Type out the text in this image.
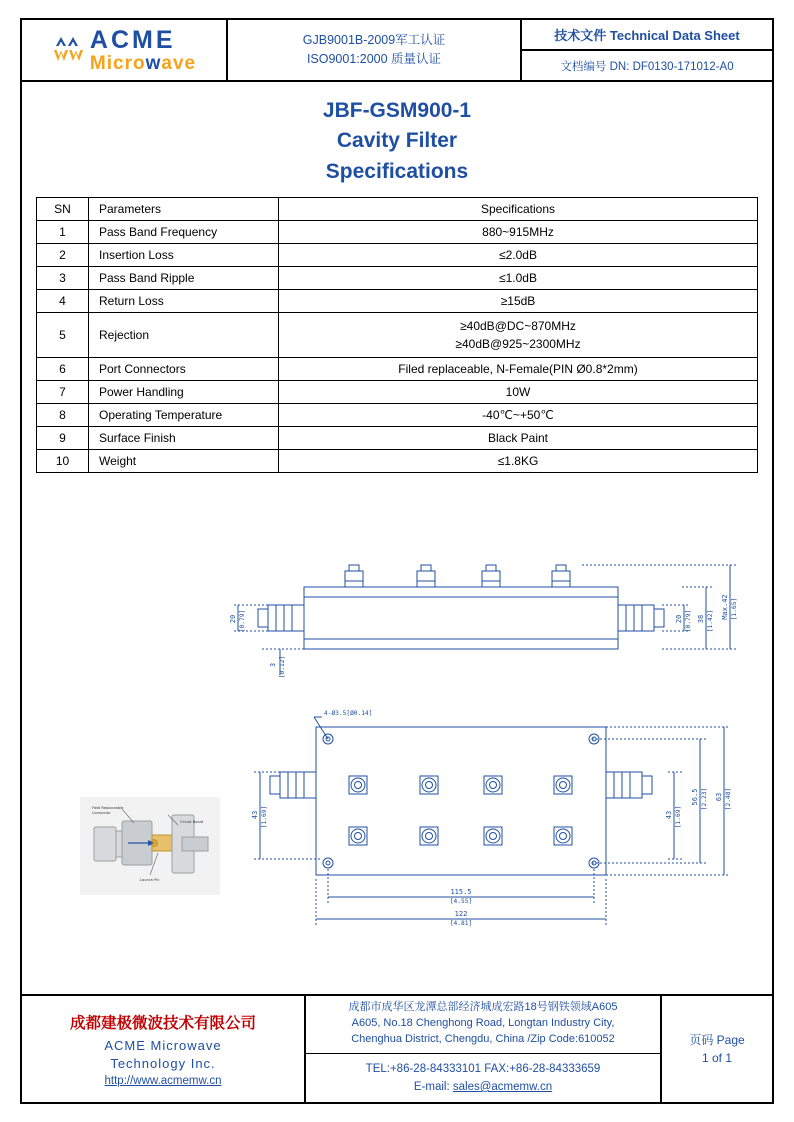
ACME
Microwave
GJB9001B-2009军工认证
ISO9001:2000 质量认证
技术文件 Technical Data Sheet
文档编号 DN: DF0130-171012-A0
JBF-GSM900-1
Cavity Filter
Specifications
SN	Parameters	Specifications
1	Pass Band Frequency	880~915MHz
2	Insertion Loss	≤2.0dB
3	Pass Band Ripple	≤1.0dB
4	Return Loss	≥15dB
5	Rejection	≥40dB@DC~870MHz
≥40dB@925~2300MHz

6	Port Connectors	Filed replaceable, N-Female(PIN Ø0.8*2mm)
7	Power Handling	10W
8	Operating Temperature	-40℃~+50℃
9	Surface Finish	Black Paint
10	Weight	≤1.8KG
20 [0.79]
3 [0.12]
20 [0.79] 38 [1.42]
Max.42 [1.65]
4-Ø3.5[Ø0.14]
43 [1.69]	43 [1.69]
56.5 [2.23] 63 [2.48]
115.5
[4.55]
122
[4.81]
Field Replaceable
Connector
Circuit Board
Launch Pin
成都建极微波技术有限公司
ACME Microwave
Technology Inc.
http://www.acmemw.cn
成都市成华区龙潭总部经济城成宏路18号钢铁领域A605
A605, No.18 Chenghong Road, Longtan Industry City,
Chenghua District, Chengdu, China /Zip Code:610052
TEL:+86-28-84333101 FAX:+86-28-84333659
E-mail: sales@acmemw.cn
页码 Page
1 of 1
